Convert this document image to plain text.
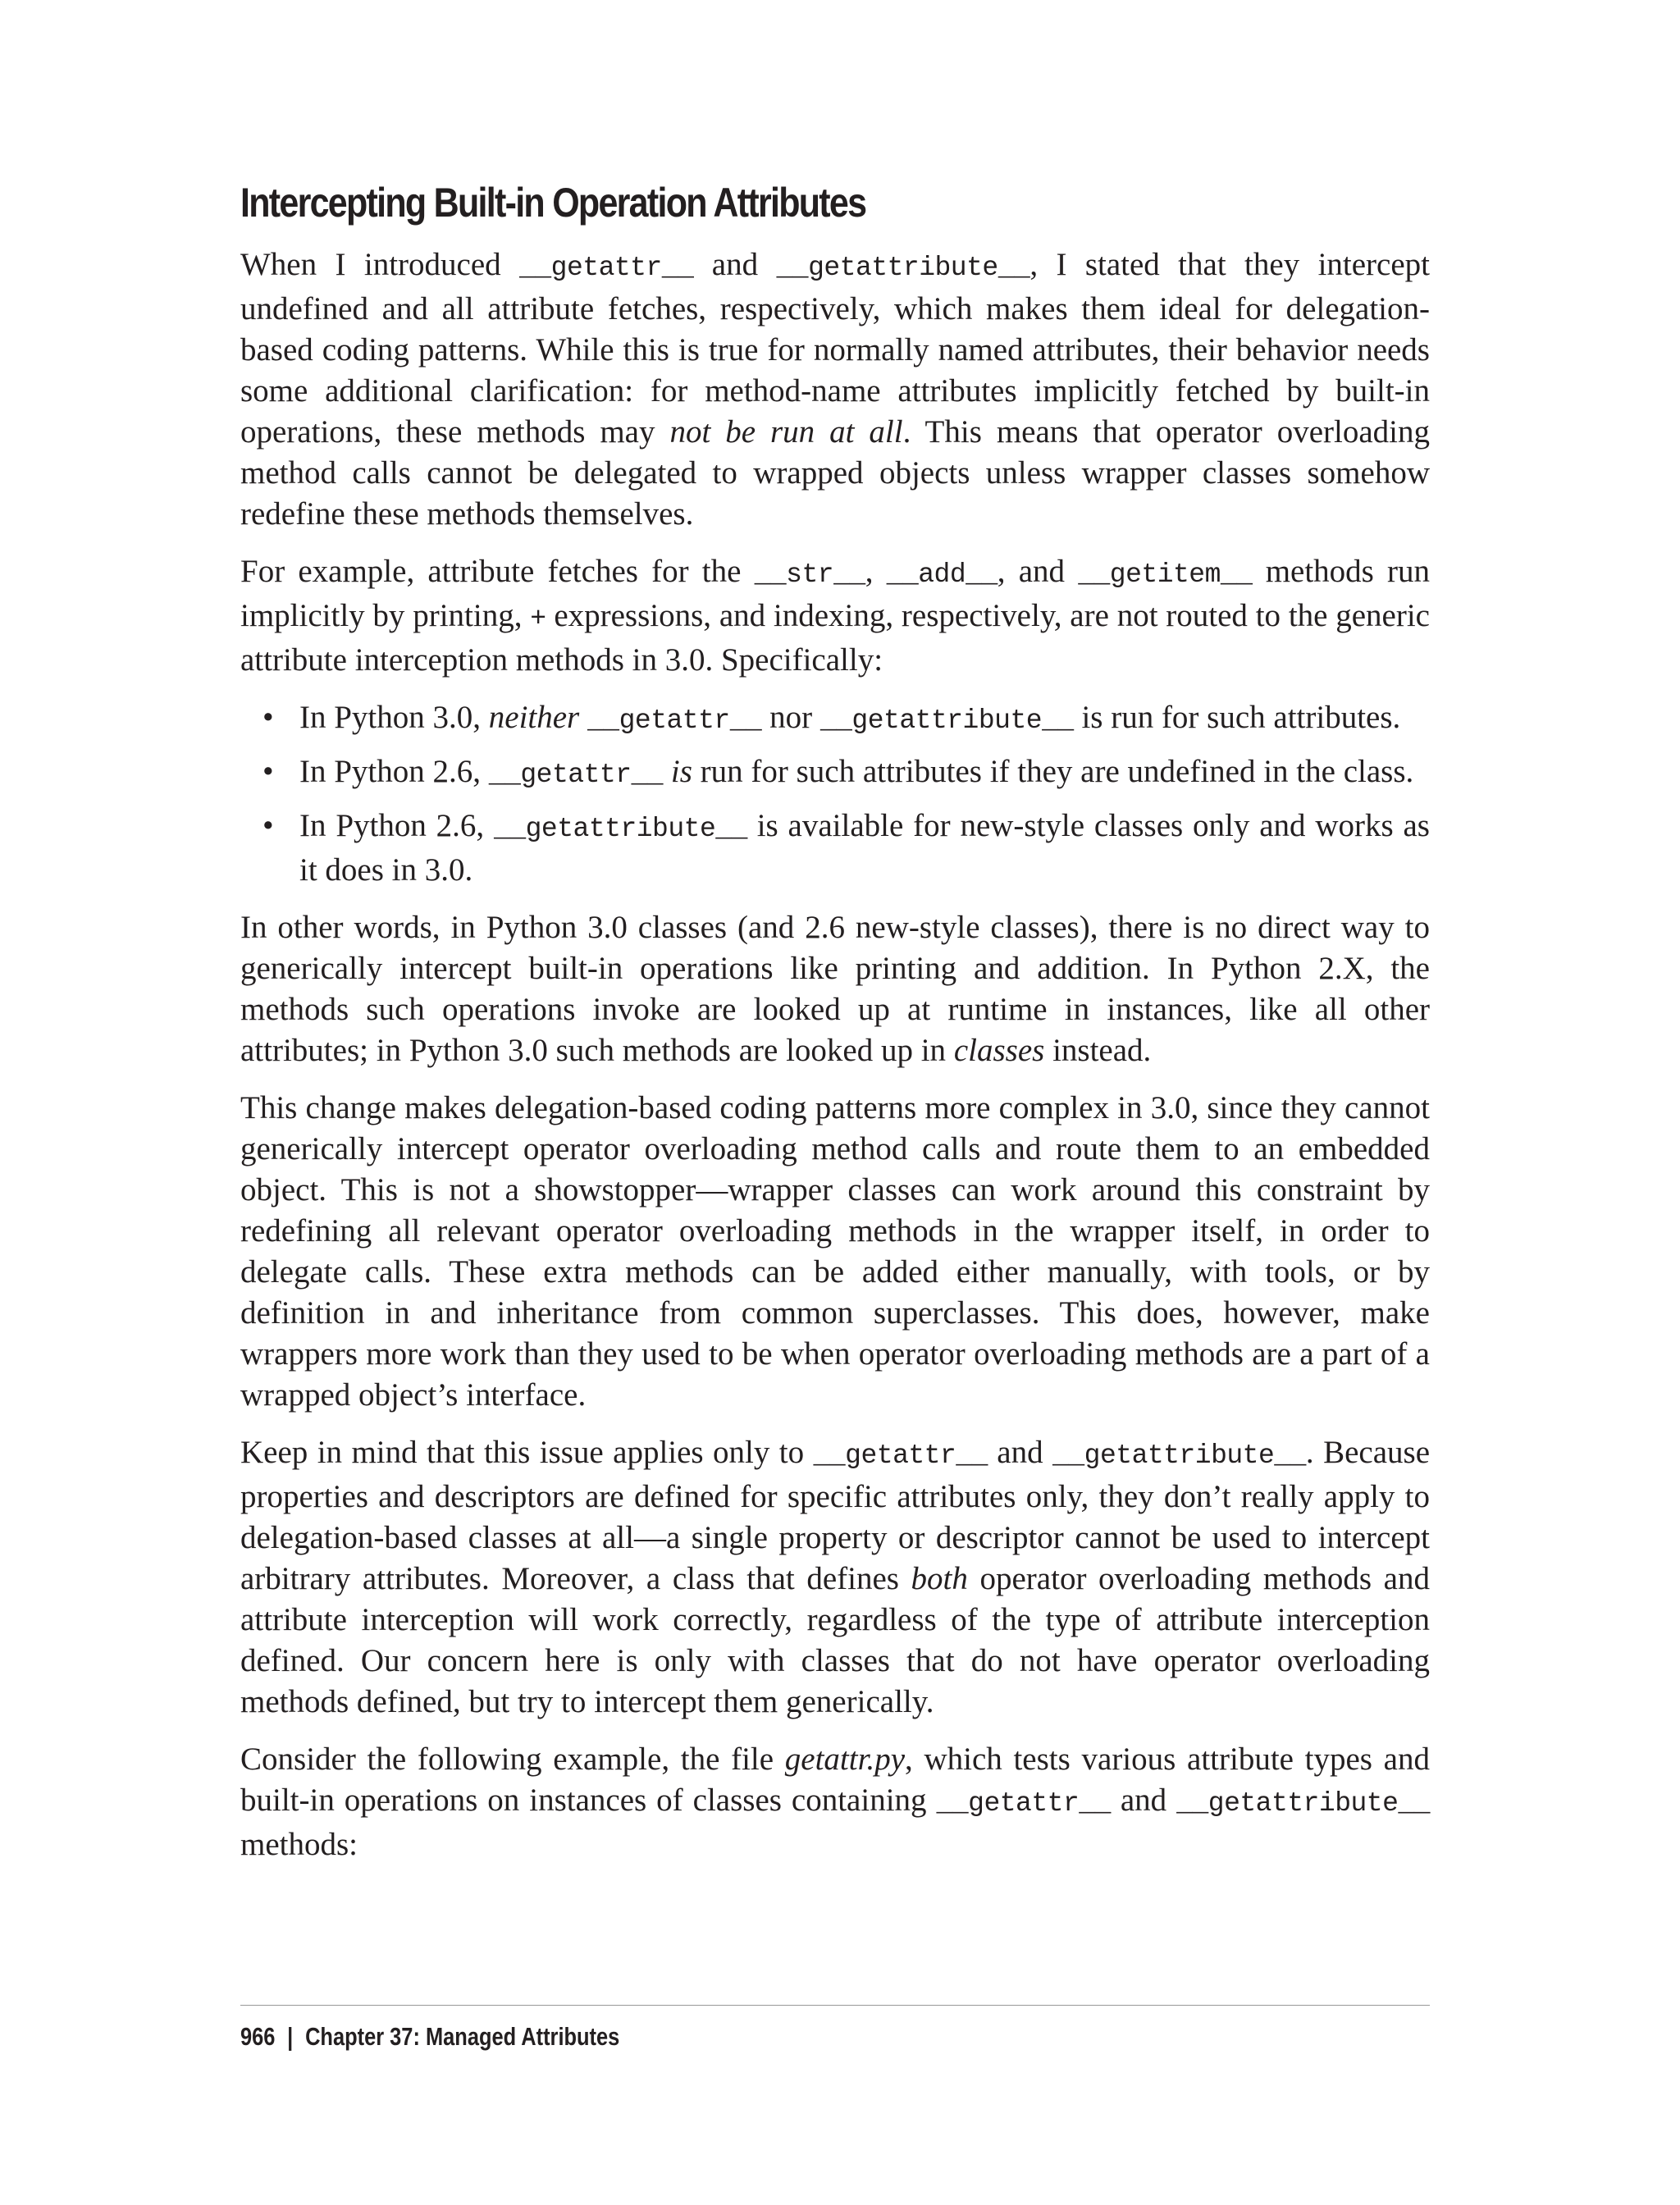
Intercepting Built-in Operation Attributes

When I introduced __getattr__ and __getattribute__, I stated that they intercept undefined and all attribute fetches, respectively, which makes them ideal for delegation-based coding patterns. While this is true for normally named attributes, their behavior needs some additional clarification: for method-name attributes implicitly fetched by built-in operations, these methods may not be run at all. This means that operator overloading method calls cannot be delegated to wrapped objects unless wrapper classes somehow redefine these methods themselves.

For example, attribute fetches for the __str__, __add__, and __getitem__ methods run implicitly by printing, + expressions, and indexing, respectively, are not routed to the generic attribute interception methods in 3.0. Specifically:

• In Python 3.0, neither __getattr__ nor __getattribute__ is run for such attributes.
• In Python 2.6, __getattr__ is run for such attributes if they are undefined in the class.
• In Python 2.6, __getattribute__ is available for new-style classes only and works as it does in 3.0.

In other words, in Python 3.0 classes (and 2.6 new-style classes), there is no direct way to generically intercept built-in operations like printing and addition. In Python 2.X, the methods such operations invoke are looked up at runtime in instances, like all other attributes; in Python 3.0 such methods are looked up in classes instead.

This change makes delegation-based coding patterns more complex in 3.0, since they cannot generically intercept operator overloading method calls and route them to an embedded object. This is not a showstopper—wrapper classes can work around this constraint by redefining all relevant operator overloading methods in the wrapper itself, in order to delegate calls. These extra methods can be added either manually, with tools, or by definition in and inheritance from common superclasses. This does, however, make wrappers more work than they used to be when operator overloading methods are a part of a wrapped object’s interface.

Keep in mind that this issue applies only to __getattr__ and __getattribute__. Because properties and descriptors are defined for specific attributes only, they don’t really apply to delegation-based classes at all—a single property or descriptor cannot be used to intercept arbitrary attributes. Moreover, a class that defines both operator overloading methods and attribute interception will work correctly, regardless of the type of attribute interception defined. Our concern here is only with classes that do not have operator overloading methods defined, but try to intercept them generically.

Consider the following example, the file getattr.py, which tests various attribute types and built-in operations on instances of classes containing __getattr__ and __getattribute__ methods:

966 | Chapter 37: Managed Attributes
